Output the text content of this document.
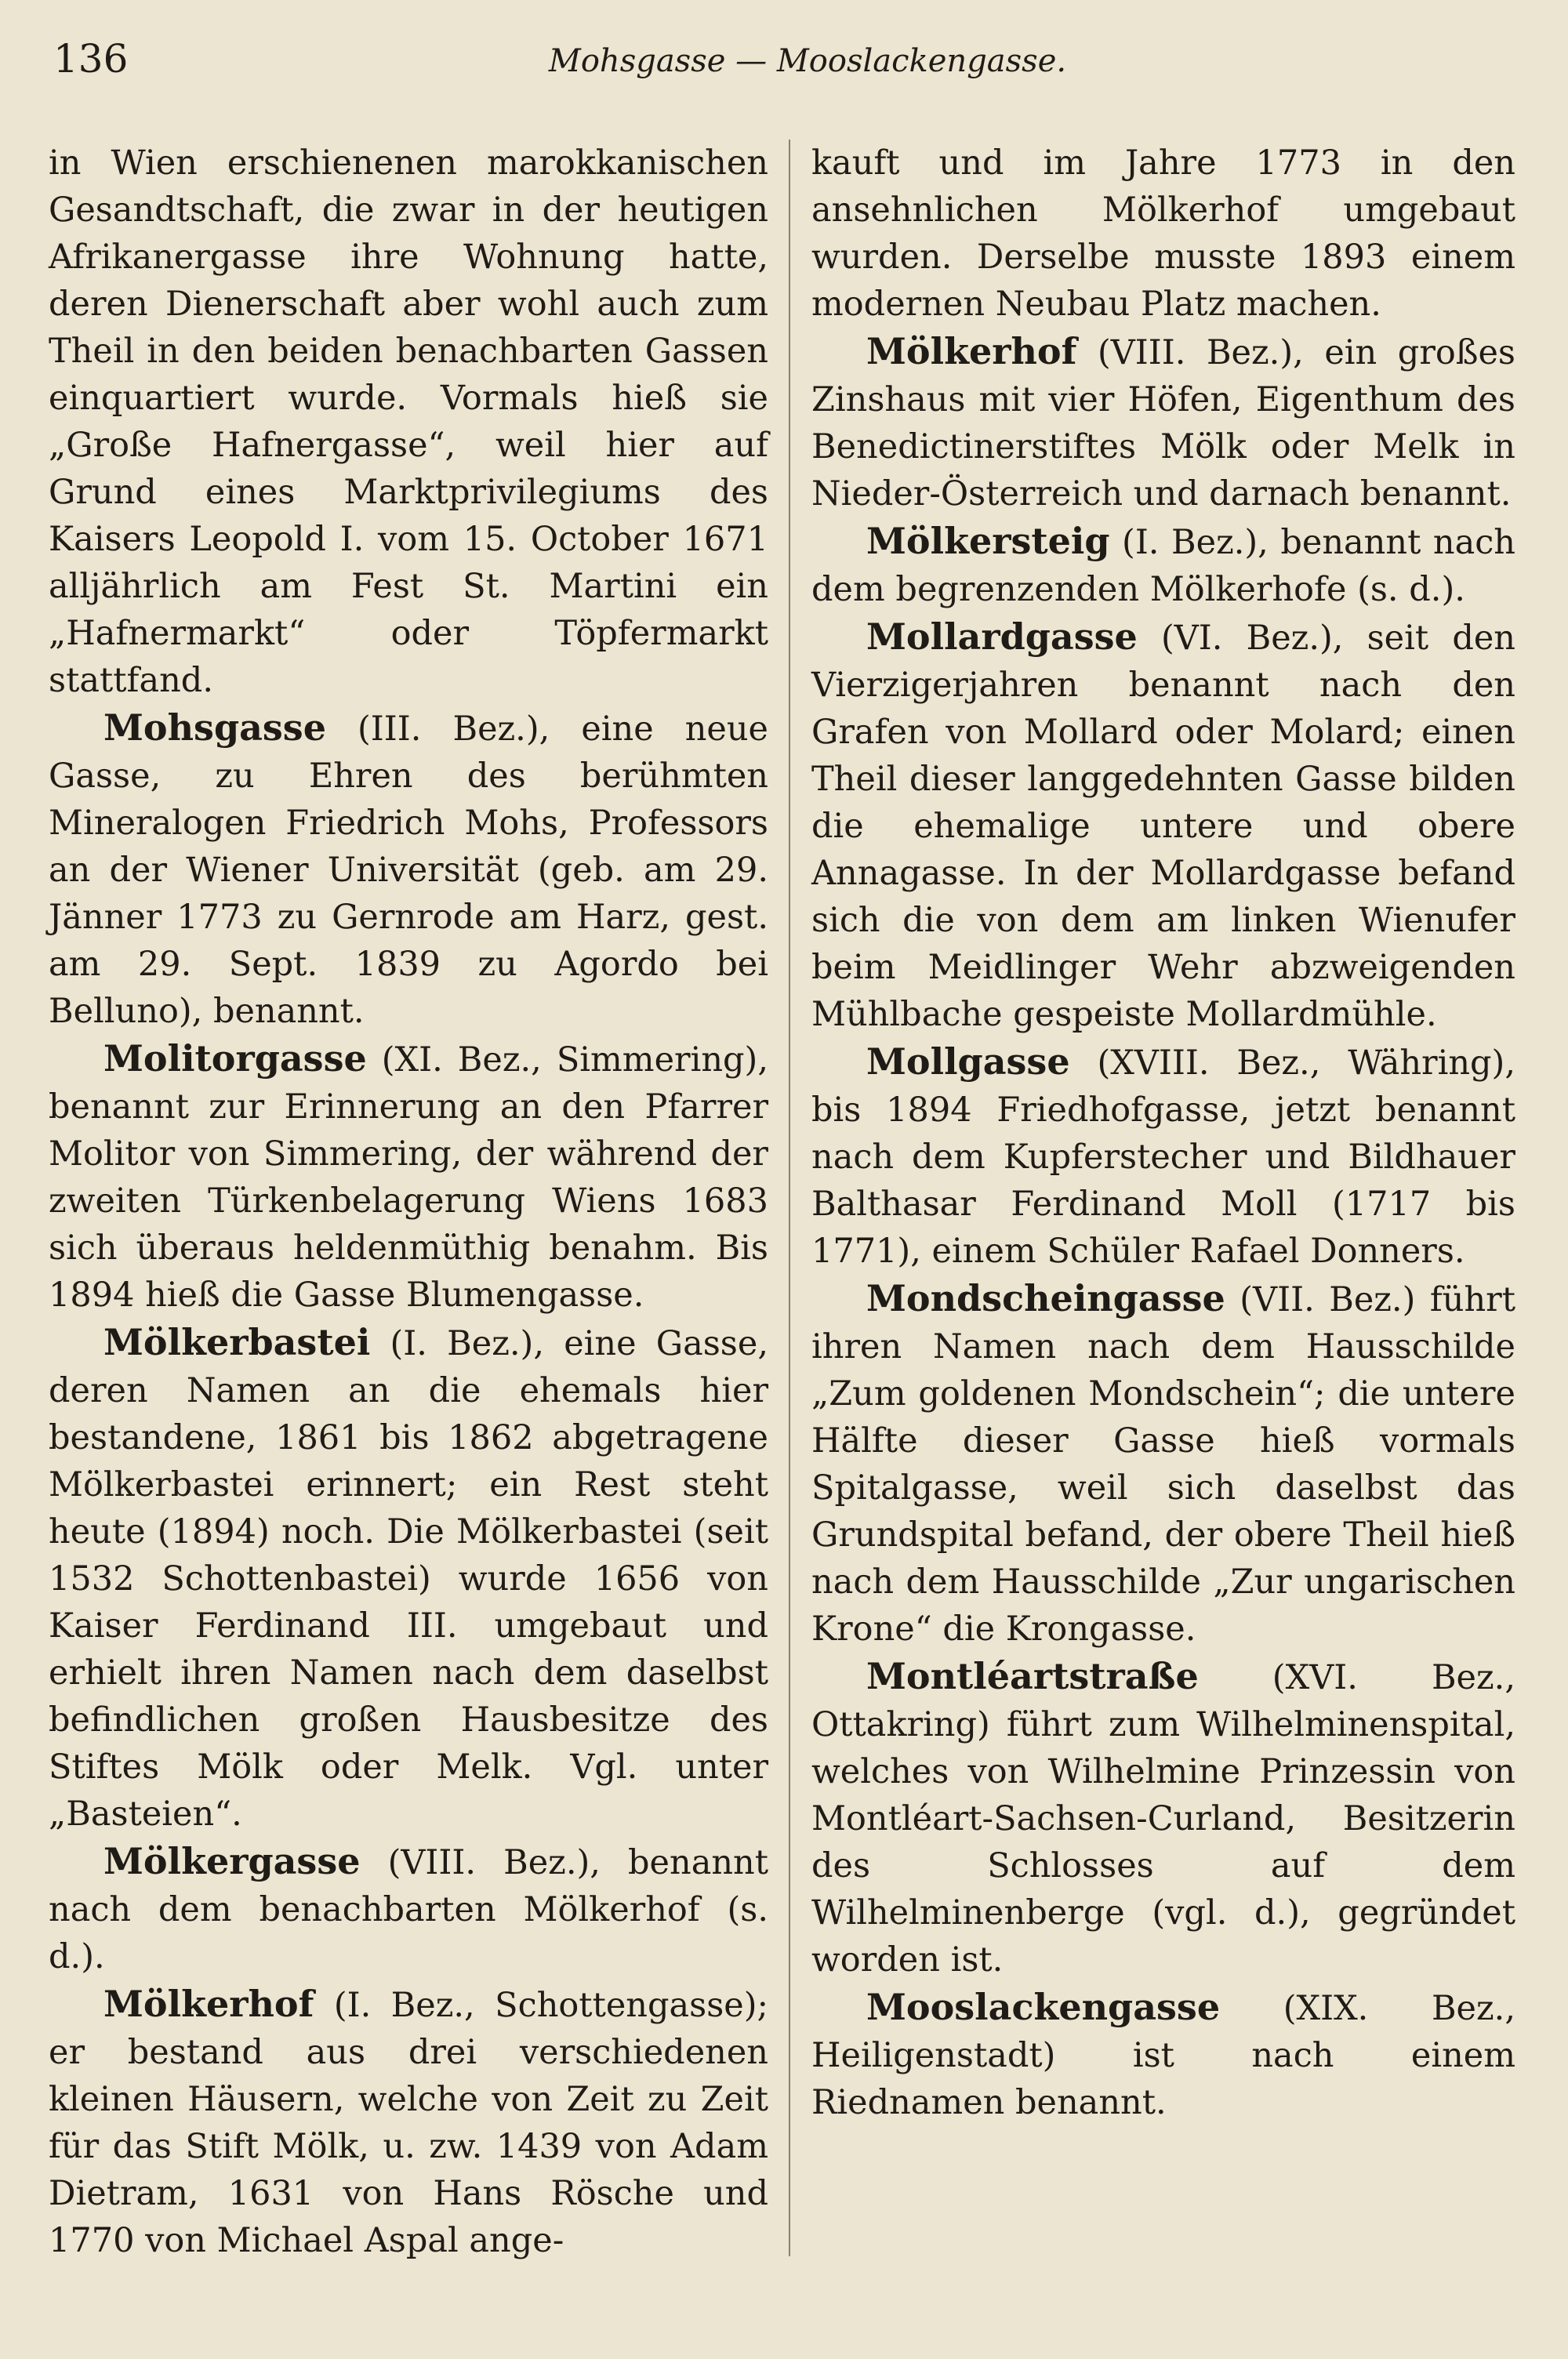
136	Mohsgasse — Mooslackengasse.

in Wien erschienenen marokkanischen Gesandtschaft, die zwar in der heutigen Afrikanergasse ihre Wohnung hatte, deren Dienerschaft aber wohl auch zum Theil in den beiden benachbarten Gassen einquartiert wurde. Vormals hieß sie „Große Hafnergasse“, weil hier auf Grund eines Marktprivilegiums des Kaisers Leopold I. vom 15. October 1671 alljährlich am Fest St. Martini ein „Hafnermarkt“ oder Töpfermarkt stattfand.

Mohsgasse (III. Bez.), eine neue Gasse, zu Ehren des berühmten Mineralogen Friedrich Mohs, Professors an der Wiener Universität (geb. am 29. Jänner 1773 zu Gernrode am Harz, gest. am 29. Sept. 1839 zu Agordo bei Belluno), benannt.

Molitorgasse (XI. Bez., Simmering), benannt zur Erinnerung an den Pfarrer Molitor von Simmering, der während der zweiten Türkenbelagerung Wiens 1683 sich überaus heldenmüthig benahm. Bis 1894 hieß die Gasse Blumengasse.

Mölkerbastei (I. Bez.), eine Gasse, deren Namen an die ehemals hier bestandene, 1861 bis 1862 abgetragene Mölkerbastei erinnert; ein Rest steht heute (1894) noch. Die Mölkerbastei (seit 1532 Schottenbastei) wurde 1656 von Kaiser Ferdinand III. umgebaut und erhielt ihren Namen nach dem daselbst befindlichen großen Hausbesitze des Stiftes Mölk oder Melk. Vgl. unter „Basteien“.

Mölkergasse (VIII. Bez.), benannt nach dem benachbarten Mölkerhof (s. d.).

Mölkerhof (I. Bez., Schottengasse); er bestand aus drei verschiedenen kleinen Häusern, welche von Zeit zu Zeit für das Stift Mölk, u. zw. 1439 von Adam Dietram, 1631 von Hans Rösche und 1770 von Michael Aspal ange-

kauft und im Jahre 1773 in den ansehnlichen Mölkerhof umgebaut wurden. Derselbe musste 1893 einem modernen Neubau Platz machen.

Mölkerhof (VIII. Bez.), ein großes Zinshaus mit vier Höfen, Eigenthum des Benedictinerstiftes Mölk oder Melk in Nieder-Österreich und darnach benannt.

Mölkersteig (I. Bez.), benannt nach dem begrenzenden Mölkerhofe (s. d.).

Mollardgasse (VI. Bez.), seit den Vierzigerjahren benannt nach den Grafen von Mollard oder Molard; einen Theil dieser langgedehnten Gasse bilden die ehemalige untere und obere Annagasse. In der Mollardgasse befand sich die von dem am linken Wienufer beim Meidlinger Wehr abzweigenden Mühlbache gespeiste Mollardmühle.

Mollgasse (XVIII. Bez., Währing), bis 1894 Friedhofgasse, jetzt benannt nach dem Kupferstecher und Bildhauer Balthasar Ferdinand Moll (1717 bis 1771), einem Schüler Rafael Donners.

Mondscheingasse (VII. Bez.) führt ihren Namen nach dem Hausschilde „Zum goldenen Mondschein“; die untere Hälfte dieser Gasse hieß vormals Spitalgasse, weil sich daselbst das Grundspital befand, der obere Theil hieß nach dem Hausschilde „Zur ungarischen Krone“ die Krongasse.

Montléartstraße (XVI. Bez., Ottakring) führt zum Wilhelminenspital, welches von Wilhelmine Prinzessin von Montléart-Sachsen-Curland, Besitzerin des Schlosses auf dem Wilhelminenberge (vgl. d.), gegründet worden ist.

Mooslackengasse (XIX. Bez., Heiligenstadt) ist nach einem Riednamen benannt.
